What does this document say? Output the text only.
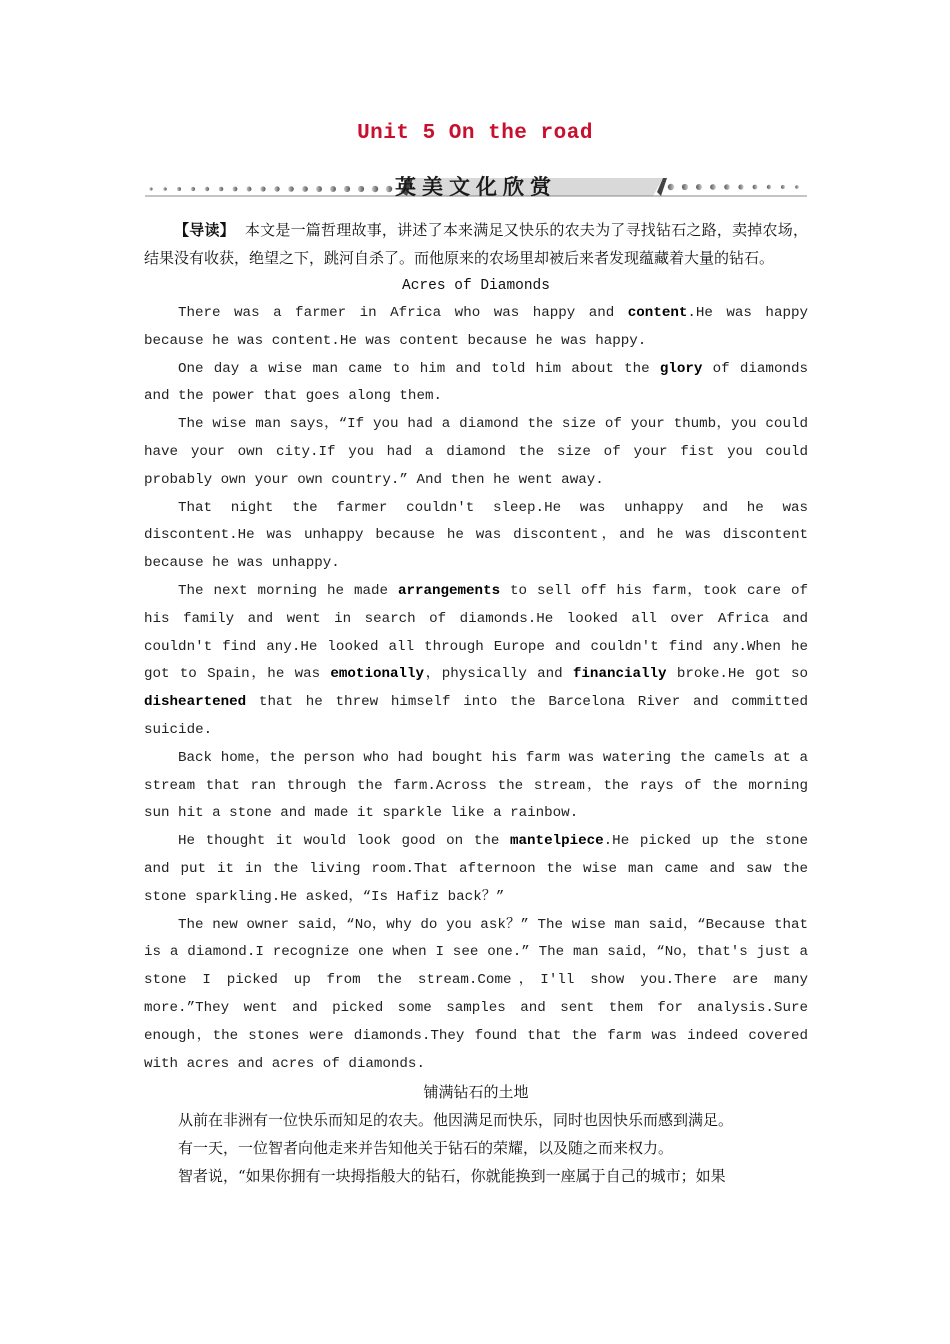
Unit 5 On the road
英美文化欣赏

【导读】 本文是一篇哲理故事，讲述了本来满足又快乐的农夫为了寻找钻石之路，卖掉农场，结果没有收获，绝望之下，跳河自杀了。而他原来的农场里却被后来者发现蕴藏着大量的钻石。

Acres of Diamonds

There was a farmer in Africa who was happy and content.He was happy because he was content.He was content because he was happy.

One day a wise man came to him and told him about the glory of diamonds and the power that goes along them.

The wise man says，“If you had a diamond the size of your thumb，you could have your own city.If you had a diamond the size of your fist you could probably own your own country.” And then he went away.

That night the farmer couldn't sleep.He was unhappy and he was discontent.He was unhappy because he was discontent，and he was discontent because he was unhappy.

The next morning he made arrangements to sell off his farm，took care of his family and went in search of diamonds.He looked all over Africa and couldn't find any.He looked all through Europe and couldn't find any.When he got to Spain，he was emotionally，physically and financially broke.He got so disheartened that he threw himself into the Barcelona River and committed suicide.

Back home，the person who had bought his farm was watering the camels at a stream that ran through the farm.Across the stream，the rays of the morning sun hit a stone and made it sparkle like a rainbow.

He thought it would look good on the mantelpiece.He picked up the stone and put it in the living room.That afternoon the wise man came and saw the stone sparkling.He asked，“Is Hafiz back？”

The new owner said，“No，why do you ask？” The wise man said，“Because that is a diamond.I recognize one when I see one.” The man said，“No，that's just a stone I picked up from the stream.Come，I'll show you.There are many more.”They went and picked some samples and sent them for analysis.Sure enough，the stones were diamonds.They found that the farm was indeed covered with acres and acres of diamonds.

铺满钻石的土地

从前在非洲有一位快乐而知足的农夫。他因满足而快乐，同时也因快乐而感到满足。

有一天，一位智者向他走来并告知他关于钻石的荣耀，以及随之而来权力。

智者说，“如果你拥有一块拇指般大的钻石，你就能换到一座属于自己的城市；如果
